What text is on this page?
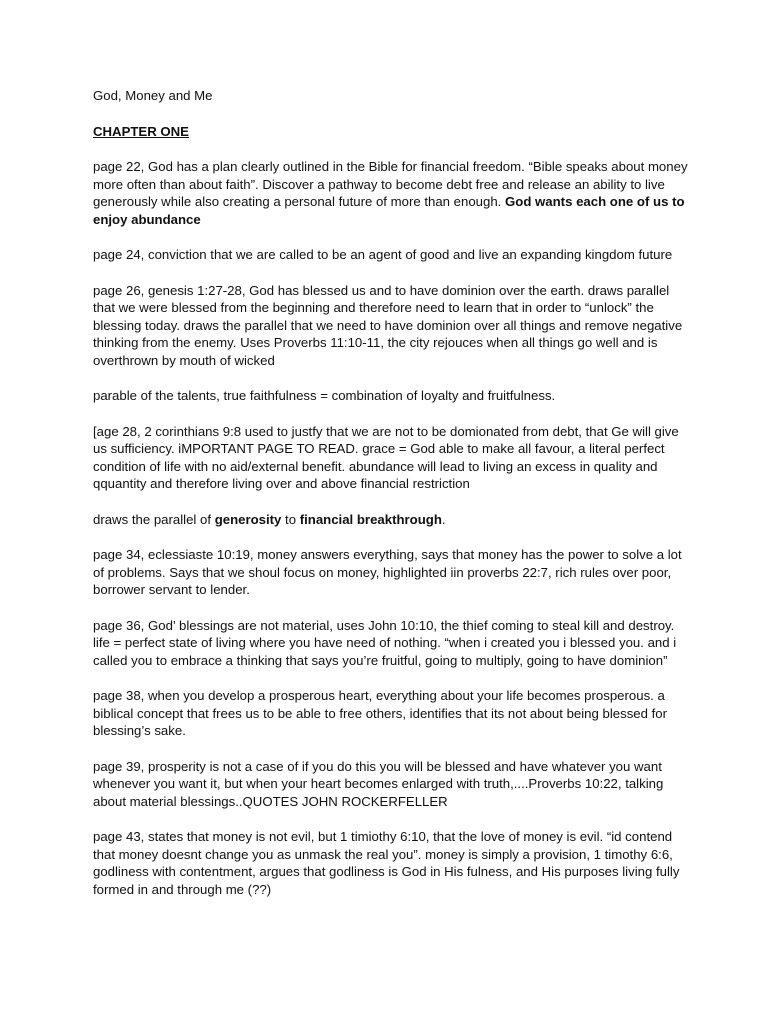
God, Money and Me

CHAPTER ONE

page 22, God has a plan clearly outlined in the Bible for financial freedom. “Bible speaks about money more often than about faith”. Discover a pathway to become debt free and release an ability to live generously while also creating a personal future of more than enough. God wants each one of us to enjoy abundance

page 24, conviction that we are called to be an agent of good and live an expanding kingdom future

page 26, genesis 1:27-28, God has blessed us and to have dominion over the earth. draws parallel that we were blessed from the beginning and therefore need to learn that in order to “unlock” the blessing today. draws the parallel that we need to have dominion over all things and remove negative thinking from the enemy. Uses Proverbs 11:10-11, the city rejouces when all things go well and is overthrown by mouth of wicked

parable of the talents, true faithfulness = combination of loyalty and fruitfulness.

[age 28, 2 corinthians 9:8 used to justfy that we are not to be domionated from debt, that Ge will give us sufficiency. iMPORTANT PAGE TO READ. grace = God able to make all favour, a literal perfect condition of life with no aid/external benefit. abundance will lead to living an excess in quality and qquantity and therefore living over and above financial restriction

draws the parallel of generosity to financial breakthrough.

page 34, eclessiaste 10:19, money answers everything, says that money has the power to solve a lot of problems. Says that we shoul focus on money, highlighted iin proverbs 22:7, rich rules over poor, borrower servant to lender.

page 36, God’ blessings are not material, uses John 10:10, the thief coming to steal kill and destroy. life = perfect state of living where you have need of nothing. “when i created you i blessed you. and i called you to embrace a thinking that says you’re fruitful, going to multiply, going to have dominion”

page 38, when you develop a prosperous heart, everything about your life becomes prosperous. a biblical concept that frees us to be able to free others, identifies that its not about being blessed for blessing’s sake.

page 39, prosperity is not a case of if you do this you will be blessed and have whatever you want whenever you want it, but when your heart becomes enlarged with truth,....Proverbs 10:22, talking about material blessings..QUOTES JOHN ROCKERFELLER

page 43, states that money is not evil, but 1 timiothy 6:10, that the love of money is evil. “id contend that money doesnt change you as unmask the real you”. money is simply a provision, 1 timothy 6:6, godliness with contentment, argues that godliness is God in His fulness, and His purposes living fully formed in and through me (??)
